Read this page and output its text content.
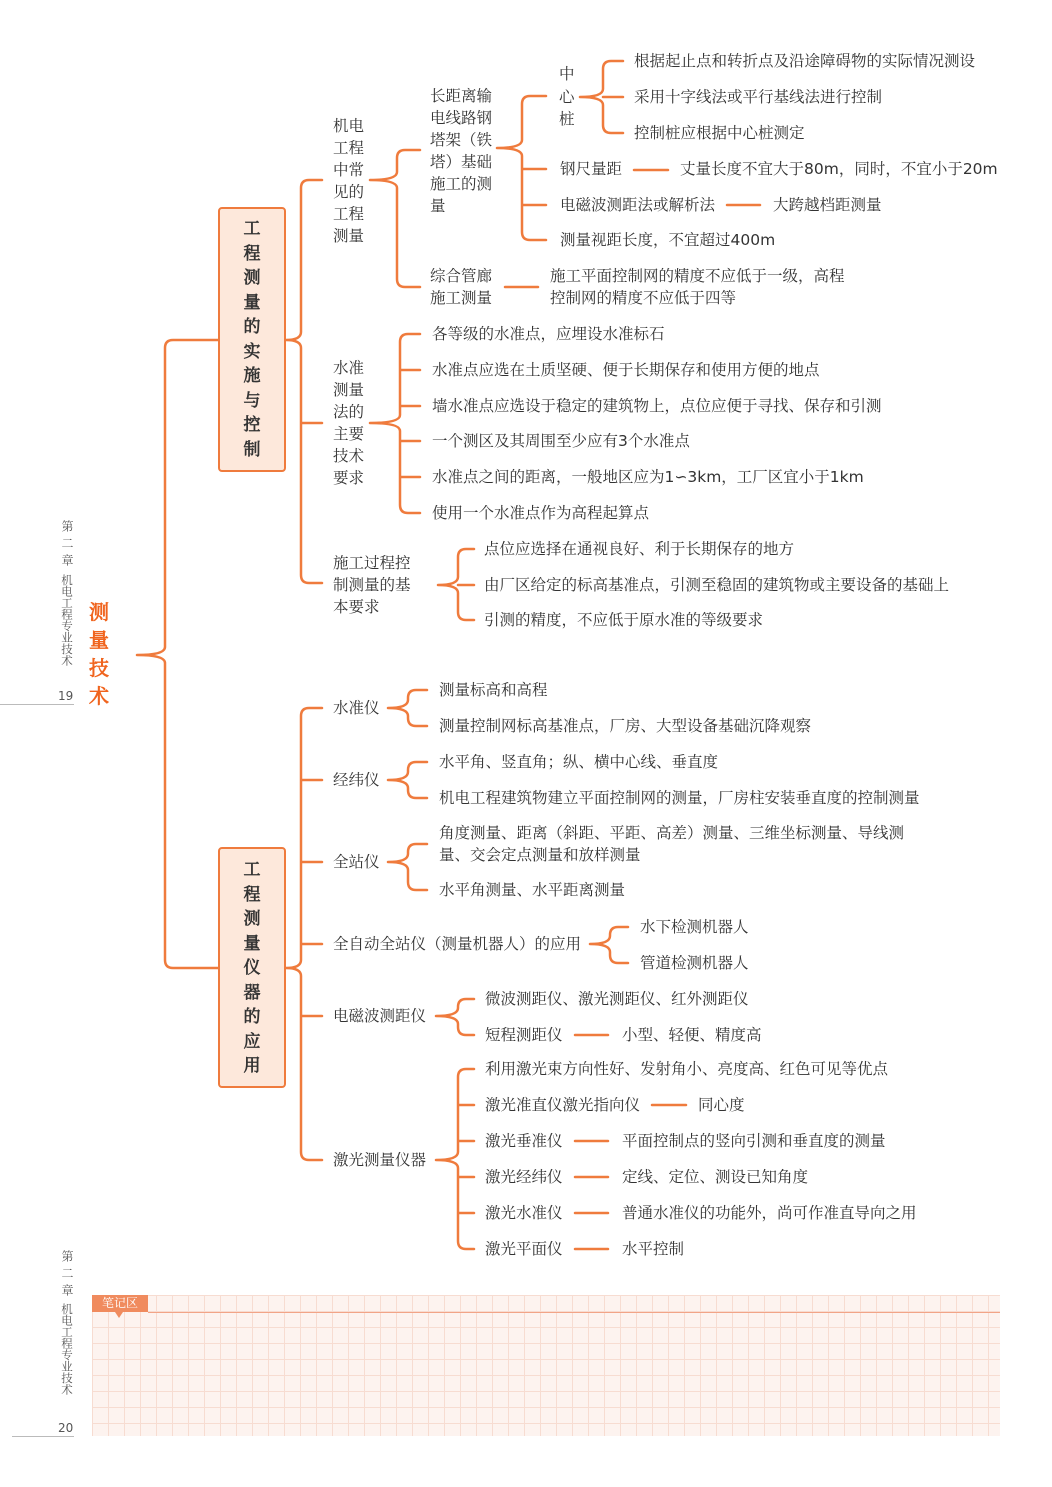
第二章
机电工程专业技术
19
第二章
机电工程专业技术
20
测量技术
工程测量的实施与控制
工程测量仪器的应用
机电工程中常见的工程测量
水准测量法的主要技术要求
施工过程控制测量的基本要求
长距离输电线路钢塔架（铁塔）基础施工的测量
综合管廊施工测量
施工平面控制网的精度不应低于一级，高程控制网的精度不应低于四等
中心桩
根据起止点和转折点及沿途障碍物的实际情况测设
采用十字线法或平行基线法进行控制
控制桩应根据中心桩测定
钢尺量距	丈量长度不宜大于80m，同时，不宜小于20m
电磁波测距法或解析法	大跨越档距测量
测量视距长度，不宜超过400m
各等级的水准点，应埋设水准标石
水准点应选在土质坚硬、便于长期保存和使用方便的地点
墙水准点应选设于稳定的建筑物上，点位应便于寻找、保存和引测
一个测区及其周围至少应有3个水准点
水准点之间的距离，一般地区应为1∽3km，工厂区宜小于1km
使用一个水准点作为高程起算点
点位应选择在通视良好、利于长期保存的地方
由厂区给定的标高基准点，引测至稳固的建筑物或主要设备的基础上
引测的精度，不应低于原水准的等级要求
水准仪
测量标高和高程
测量控制网标高基准点，厂房、大型设备基础沉降观察
经纬仪
水平角、竖直角；纵、横中心线、垂直度
机电工程建筑物建立平面控制网的测量，厂房柱安装垂直度的控制测量
全站仪
角度测量、距离（斜距、平距、高差）测量、三维坐标测量、导线测量、交会定点测量和放样测量
水平角测量、水平距离测量
全自动全站仪（测量机器人）的应用
水下检测机器人
管道检测机器人
电磁波测距仪
微波测距仪、激光测距仪、红外测距仪
短程测距仪	小型、轻便、精度高
激光测量仪器
利用激光束方向性好、发射角小、亮度高、红色可见等优点
激光准直仪激光指向仪	同心度
激光垂准仪	平面控制点的竖向引测和垂直度的测量
激光经纬仪	定线、定位、测设已知角度
激光水准仪	普通水准仪的功能外，尚可作准直导向之用
激光平面仪	水平控制
笔记区
